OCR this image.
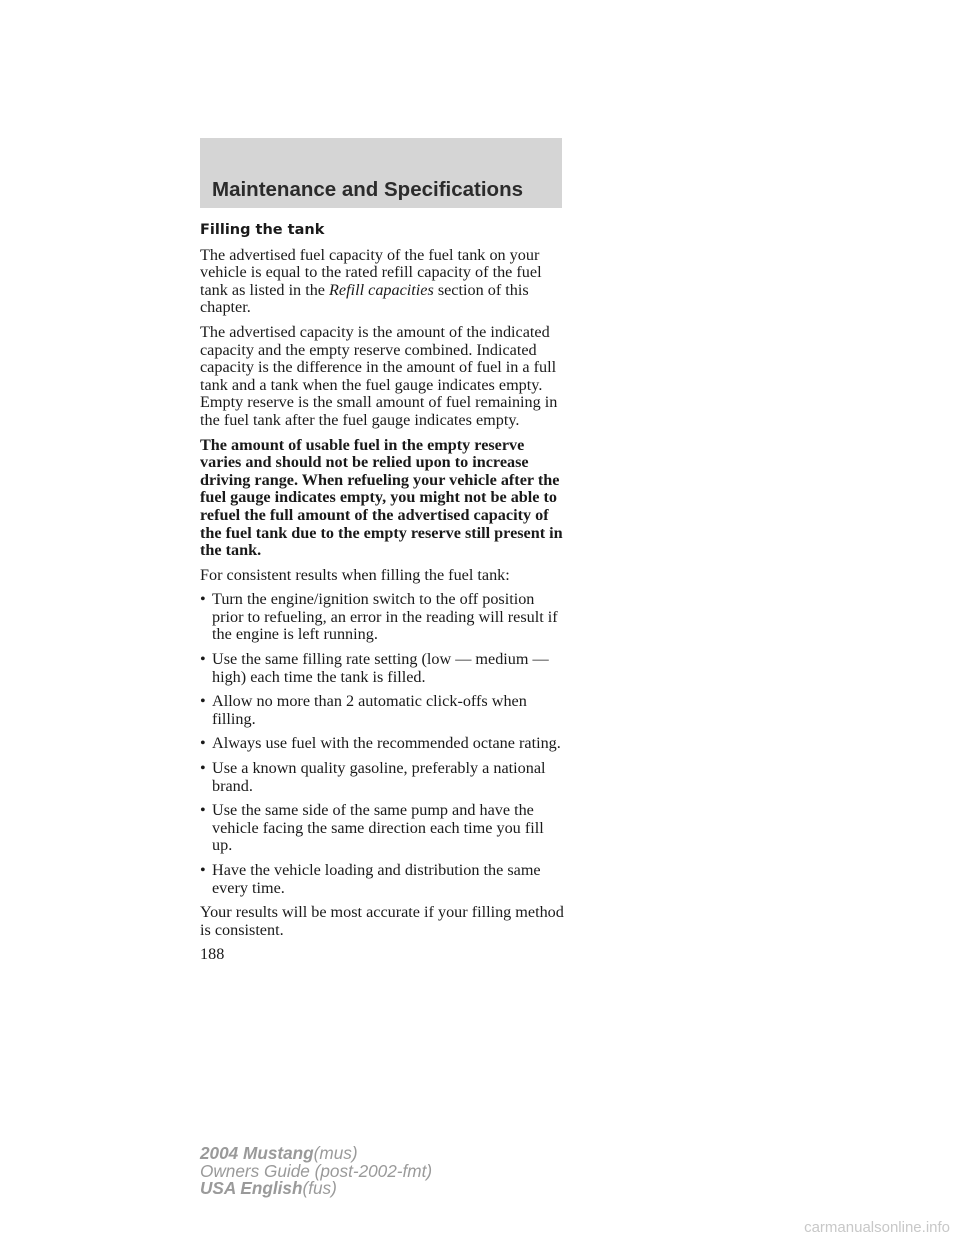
Maintenance and Specifications

Filling the tank

The advertised fuel capacity of the fuel tank on your vehicle is equal to the rated refill capacity of the fuel tank as listed in the Refill capacities section of this chapter.

The advertised capacity is the amount of the indicated capacity and the empty reserve combined. Indicated capacity is the difference in the amount of fuel in a full tank and a tank when the fuel gauge indicates empty. Empty reserve is the small amount of fuel remaining in the fuel tank after the fuel gauge indicates empty.

The amount of usable fuel in the empty reserve varies and should not be relied upon to increase driving range. When refueling your vehicle after the fuel gauge indicates empty, you might not be able to refuel the full amount of the advertised capacity of the fuel tank due to the empty reserve still present in the tank.

For consistent results when filling the fuel tank:

• Turn the engine/ignition switch to the off position prior to refueling, an error in the reading will result if the engine is left running.
• Use the same filling rate setting (low — medium — high) each time the tank is filled.
• Allow no more than 2 automatic click-offs when filling.
• Always use fuel with the recommended octane rating.
• Use a known quality gasoline, preferably a national brand.
• Use the same side of the same pump and have the vehicle facing the same direction each time you fill up.
• Have the vehicle loading and distribution the same every time.

Your results will be most accurate if your filling method is consistent.

188

2004 Mustang(mus)
Owners Guide (post-2002-fmt)
USA English(fus)
carmanualsonline.info
